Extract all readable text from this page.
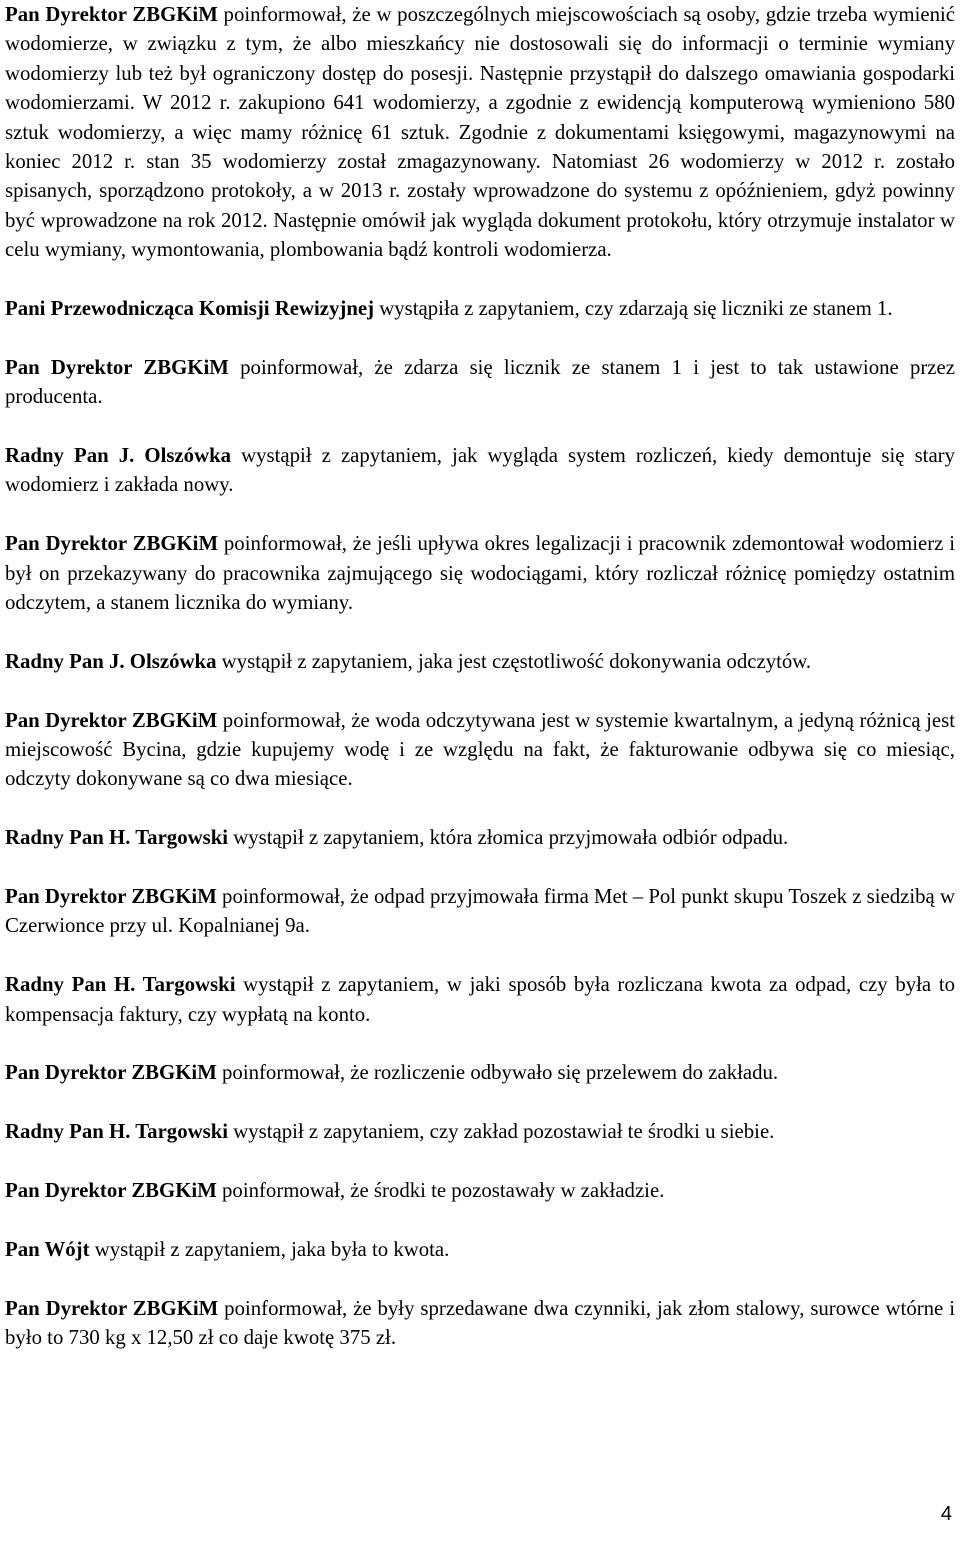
Pan Dyrektor ZBGKiM poinformował, że w poszczególnych miejscowościach są osoby, gdzie trzeba wymienić wodomierze, w związku z tym, że albo mieszkańcy nie dostosowali się do informacji o terminie wymiany wodomierzy lub też był ograniczony dostęp do posesji. Następnie przystąpił do dalszego omawiania gospodarki wodomierzami. W 2012 r. zakupiono 641 wodomierzy, a zgodnie z ewidencją komputerową wymieniono 580 sztuk wodomierzy, a więc mamy różnicę 61 sztuk. Zgodnie z dokumentami księgowymi, magazynowymi na koniec 2012 r. stan 35 wodomierzy został zmagazynowany. Natomiast 26 wodomierzy w 2012 r. zostało spisanych, sporządzono protokoły, a w 2013 r. zostały wprowadzone do systemu z opóźnieniem, gdyż powinny być wprowadzone na rok 2012. Następnie omówił jak wygląda dokument protokołu, który otrzymuje instalator w celu wymiany, wymontowania, plombowania bądź kontroli wodomierza.

Pani Przewodnicząca Komisji Rewizyjnej wystąpiła z zapytaniem, czy zdarzają się liczniki ze stanem 1.

Pan Dyrektor ZBGKiM poinformował, że zdarza się licznik ze stanem 1 i jest to tak ustawione przez producenta.

Radny Pan J. Olszówka wystąpił z zapytaniem, jak wygląda system rozliczeń, kiedy demontuje się stary wodomierz i zakłada nowy.

Pan Dyrektor ZBGKiM poinformował, że jeśli upływa okres legalizacji i pracownik zdemontował wodomierz i był on przekazywany do pracownika zajmującego się wodociągami, który rozliczał różnicę pomiędzy ostatnim odczytem, a stanem licznika do wymiany.

Radny Pan J. Olszówka wystąpił z zapytaniem, jaka jest częstotliwość dokonywania odczytów.

Pan Dyrektor ZBGKiM poinformował, że woda odczytywana jest w systemie kwartalnym, a jedyną różnicą jest miejscowość Bycina, gdzie kupujemy wodę i ze względu na fakt, że fakturowanie odbywa się co miesiąc, odczyty dokonywane są co dwa miesiące.

Radny Pan H. Targowski wystąpił z zapytaniem, która złomica przyjmowała odbiór odpadu.

Pan Dyrektor ZBGKiM poinformował, że odpad przyjmowała firma Met – Pol punkt skupu Toszek z siedzibą w Czerwionce przy ul. Kopalnianej 9a.

Radny Pan H. Targowski wystąpił z zapytaniem, w jaki sposób była rozliczana kwota za odpad, czy była to kompensacja faktury, czy wypłatą na konto.

Pan Dyrektor ZBGKiM poinformował, że rozliczenie odbywało się przelewem do zakładu.

Radny Pan H. Targowski wystąpił z zapytaniem, czy zakład pozostawiał te środki u siebie.

Pan Dyrektor ZBGKiM poinformował, że środki te pozostawały w zakładzie.

Pan Wójt wystąpił z zapytaniem, jaka była to kwota.

Pan Dyrektor ZBGKiM poinformował, że były sprzedawane dwa czynniki, jak złom stalowy, surowce wtórne i było to 730 kg x 12,50 zł co daje kwotę 375 zł.

4
